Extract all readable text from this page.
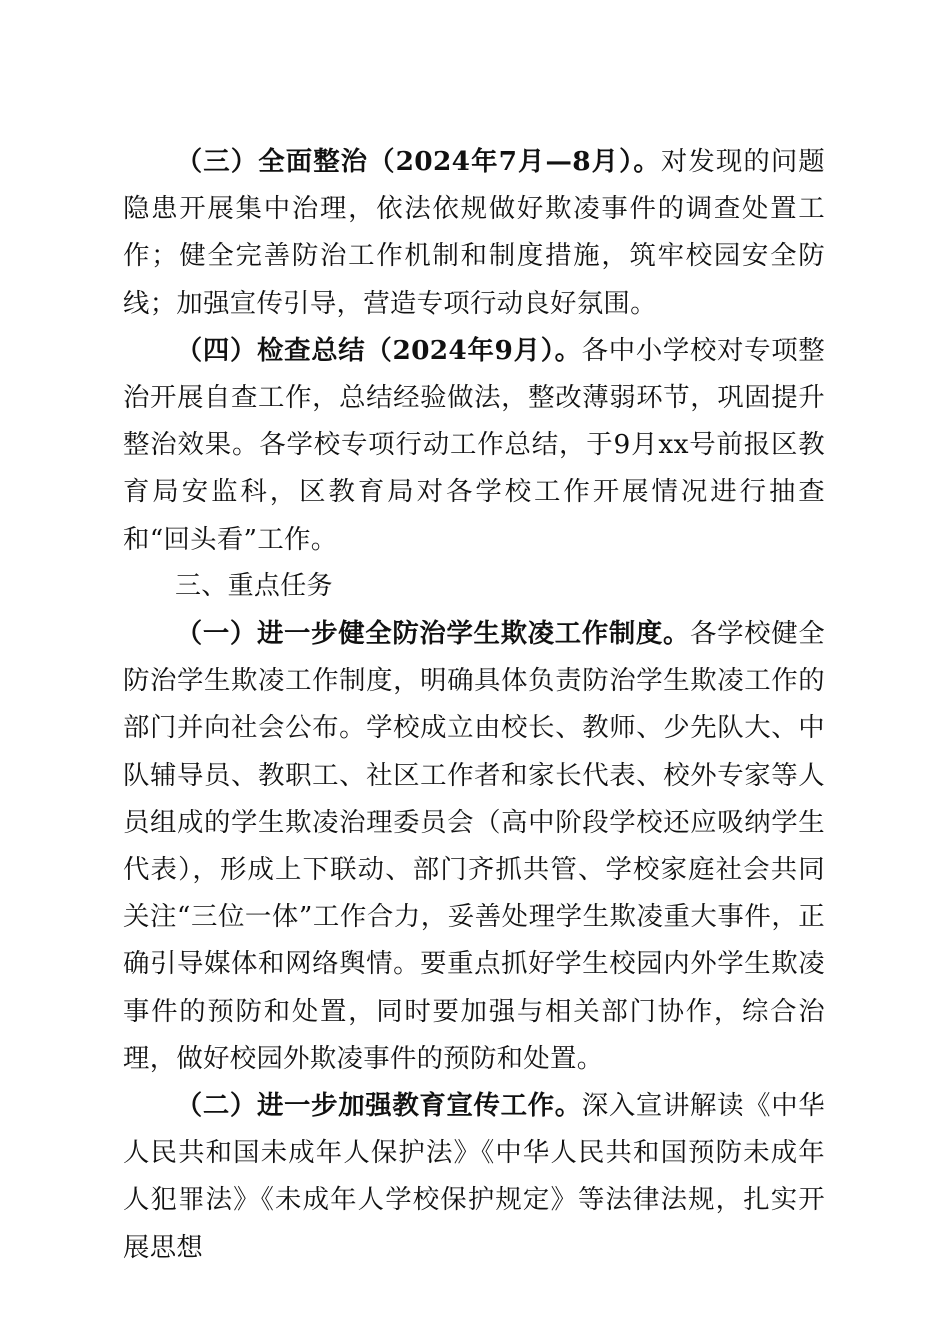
（三）全面整治（2024年7月—8月）。对发现的问题隐患开展集中治理，依法依规做好欺凌事件的调查处置工作；健全完善防治工作机制和制度措施，筑牢校园安全防线；加强宣传引导，营造专项行动良好氛围。

（四）检查总结（2024年9月）。各中小学校对专项整治开展自查工作，总结经验做法，整改薄弱环节，巩固提升整治效果。各学校专项行动工作总结，于9月xx号前报区教育局安监科，区教育局对各学校工作开展情况进行抽查和“回头看”工作。

三、重点任务

（一）进一步健全防治学生欺凌工作制度。各学校健全防治学生欺凌工作制度，明确具体负责防治学生欺凌工作的部门并向社会公布。学校成立由校长、教师、少先队大、中队辅导员、教职工、社区工作者和家长代表、校外专家等人员组成的学生欺凌治理委员会（高中阶段学校还应吸纳学生代表），形成上下联动、部门齐抓共管、学校家庭社会共同关注“三位一体”工作合力，妥善处理学生欺凌重大事件，正确引导媒体和网络舆情。要重点抓好学生校园内外学生欺凌事件的预防和处置，同时要加强与相关部门协作，综合治理，做好校园外欺凌事件的预防和处置。

（二）进一步加强教育宣传工作。深入宣讲解读《中华人民共和国未成年人保护法》《中华人民共和国预防未成年人犯罪法》《未成年人学校保护规定》等法律法规，扎实开展思想
